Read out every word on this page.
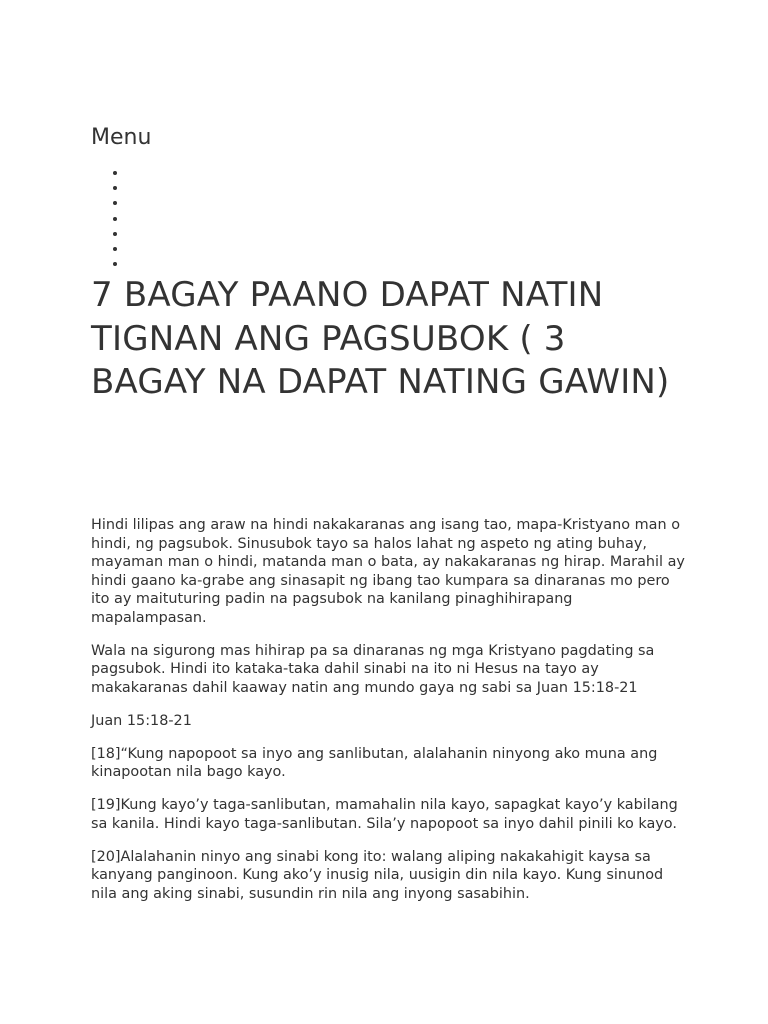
Menu
7 BAGAY PAANO DAPAT NATIN TIGNAN ANG PAGSUBOK ( 3 BAGAY NA DAPAT NATING GAWIN)

Hindi lilipas ang araw na hindi nakakaranas ang isang tao, mapa-Kristyano man o hindi, ng pagsubok. Sinusubok tayo sa halos lahat ng aspeto ng ating buhay, mayaman man o hindi, matanda man o bata, ay nakakaranas ng hirap. Marahil ay hindi gaano ka-grabe ang sinasapit ng ibang tao kumpara sa dinaranas mo pero ito ay maituturing padin na pagsubok na kanilang pinaghihirapang mapalampasan.

Wala na sigurong mas hihirap pa sa dinaranas ng mga Kristyano pagdating sa pagsubok. Hindi ito kataka-taka dahil sinabi na ito ni Hesus na tayo ay makakaranas dahil kaaway natin ang mundo gaya ng sabi sa Juan 15:18-21

Juan 15:18-21

[18]“Kung napopoot sa inyo ang sanlibutan, alalahanin ninyong ako muna ang kinapootan nila bago kayo.

[19]Kung kayo’y taga-sanlibutan, mamahalin nila kayo, sapagkat kayo’y kabilang sa kanila. Hindi kayo taga-sanlibutan. Sila’y napopoot sa inyo dahil pinili ko kayo.

[20]Alalahanin ninyo ang sinabi kong ito: walang aliping nakakahigit kaysa sa kanyang panginoon. Kung ako’y inusig nila, uusigin din nila kayo. Kung sinunod nila ang aking sinabi, susundin rin nila ang inyong sasabihin.
